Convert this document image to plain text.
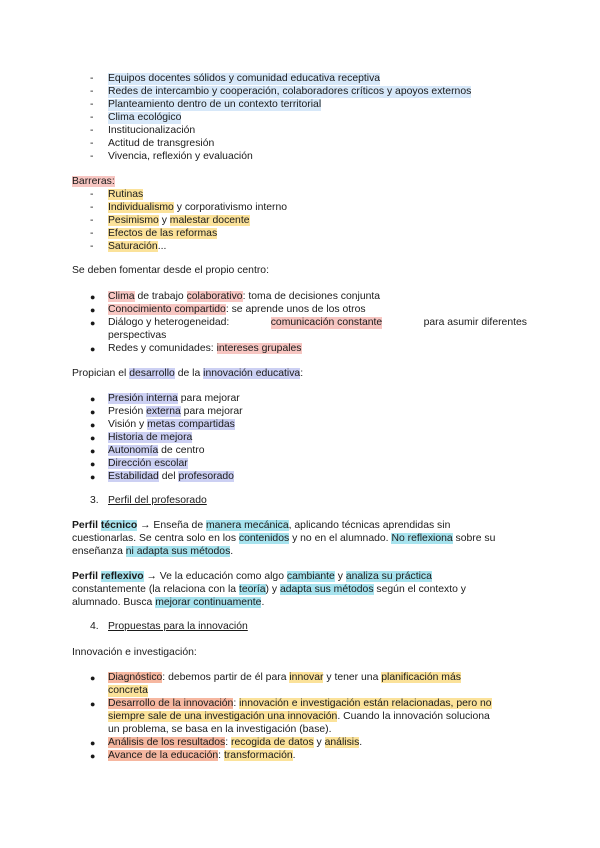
- Equipos docentes sólidos y comunidad educativa receptiva
- Redes de intercambio y cooperación, colaboradores críticos y apoyos externos
- Planteamiento dentro de un contexto territorial
- Clima ecológico
- Institucionalización
- Actitud de transgresión
- Vivencia, reflexión y evaluación
Barreras:
- Rutinas
- Individualismo y corporativismo interno
- Pesimismo y malestar docente
- Efectos de las reformas
- Saturación...
Se deben fomentar desde el propio centro:
● Clima de trabajo colaborativo: toma de decisiones conjunta
● Conocimiento compartido: se aprende unos de los otros
● Diálogo y heterogeneidad:	comunicación constante	para asumir diferentes
perspectivas
● Redes y comunidades: intereses grupales
Propician el desarrollo de la innovación educativa:
● Presión interna para mejorar
● Presión externa para mejorar
● Visión y metas compartidas
● Historia de mejora
● Autonomía de centro
● Dirección escolar
● Estabilidad del profesorado
3. Perfil del profesorado
Perfil técnico → Enseña de manera mecánica, aplicando técnicas aprendidas sin
cuestionarlas. Se centra solo en los contenidos y no en el alumnado. No reflexiona sobre su
enseñanza ni adapta sus métodos.
Perfil reflexivo → Ve la educación como algo cambiante y analiza su práctica
constantemente (la relaciona con la teoría) y adapta sus métodos según el contexto y
alumnado. Busca mejorar continuamente.
4. Propuestas para la innovación
Innovación e investigación:
● Diagnóstico: debemos partir de él para innovar y tener una planificación más
concreta
● Desarrollo de la innovación: innovación e investigación están relacionadas, pero no
siempre sale de una investigación una innovación. Cuando la innovación soluciona
un problema, se basa en la investigación (base).
● Análisis de los resultados: recogida de datos y análisis.
● Avance de la educación: transformación.
